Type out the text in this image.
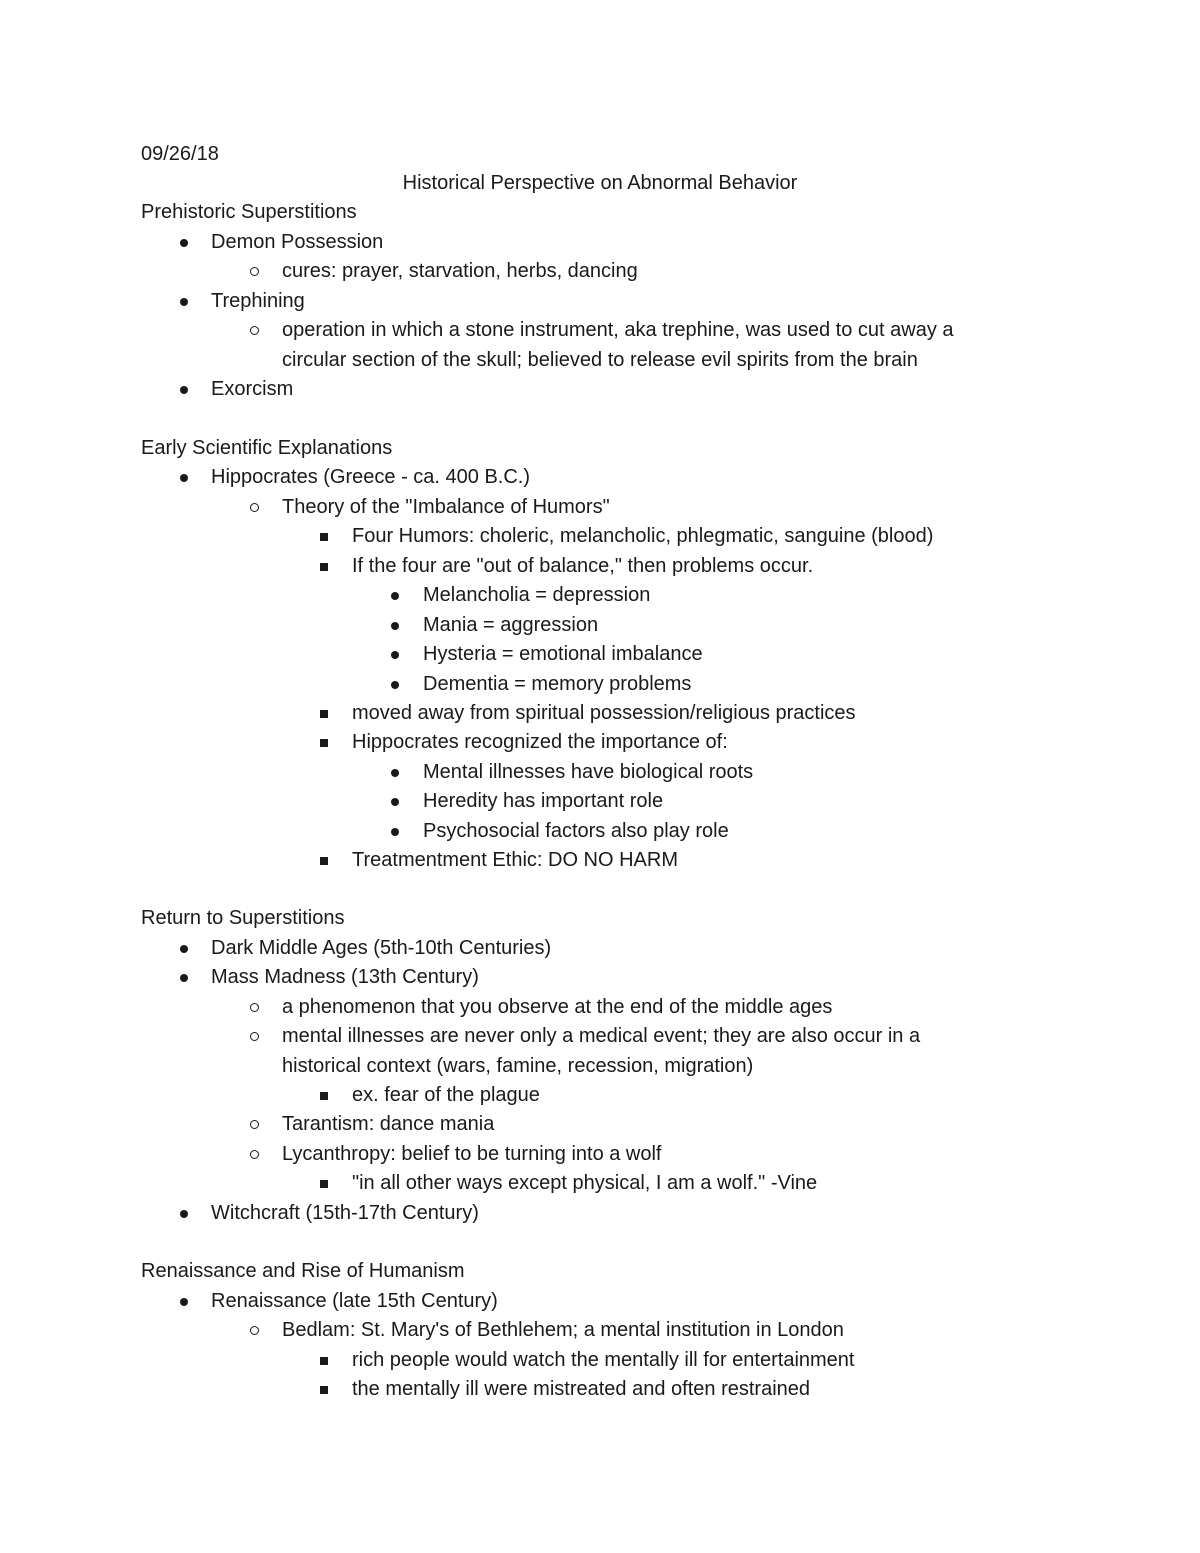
09/26/18
Historical Perspective on Abnormal Behavior
Prehistoric Superstitions
Demon Possession
cures: prayer, starvation, herbs, dancing
Trephining
operation in which a stone instrument, aka trephine, was used to cut away a
circular section of the skull; believed to release evil spirits from the brain
Exorcism
Early Scientific Explanations
Hippocrates (Greece - ca. 400 B.C.)
Theory of the "Imbalance of Humors"
Four Humors: choleric, melancholic, phlegmatic, sanguine (blood)
If the four are "out of balance," then problems occur.
Melancholia = depression
Mania = aggression
Hysteria = emotional imbalance
Dementia = memory problems
moved away from spiritual possession/religious practices
Hippocrates recognized the importance of:
Mental illnesses have biological roots
Heredity has important role
Psychosocial factors also play role
Treatmentment Ethic: DO NO HARM
Return to Superstitions
Dark Middle Ages (5th-10th Centuries)
Mass Madness (13th Century)
a phenomenon that you observe at the end of the middle ages
mental illnesses are never only a medical event; they are also occur in a
historical context (wars, famine, recession, migration)
ex. fear of the plague
Tarantism: dance mania
Lycanthropy: belief to be turning into a wolf
"in all other ways except physical, I am a wolf." -Vine
Witchcraft (15th-17th Century)
Renaissance and Rise of Humanism
Renaissance (late 15th Century)
Bedlam: St. Mary's of Bethlehem; a mental institution in London
rich people would watch the mentally ill for entertainment
the mentally ill were mistreated and often restrained
